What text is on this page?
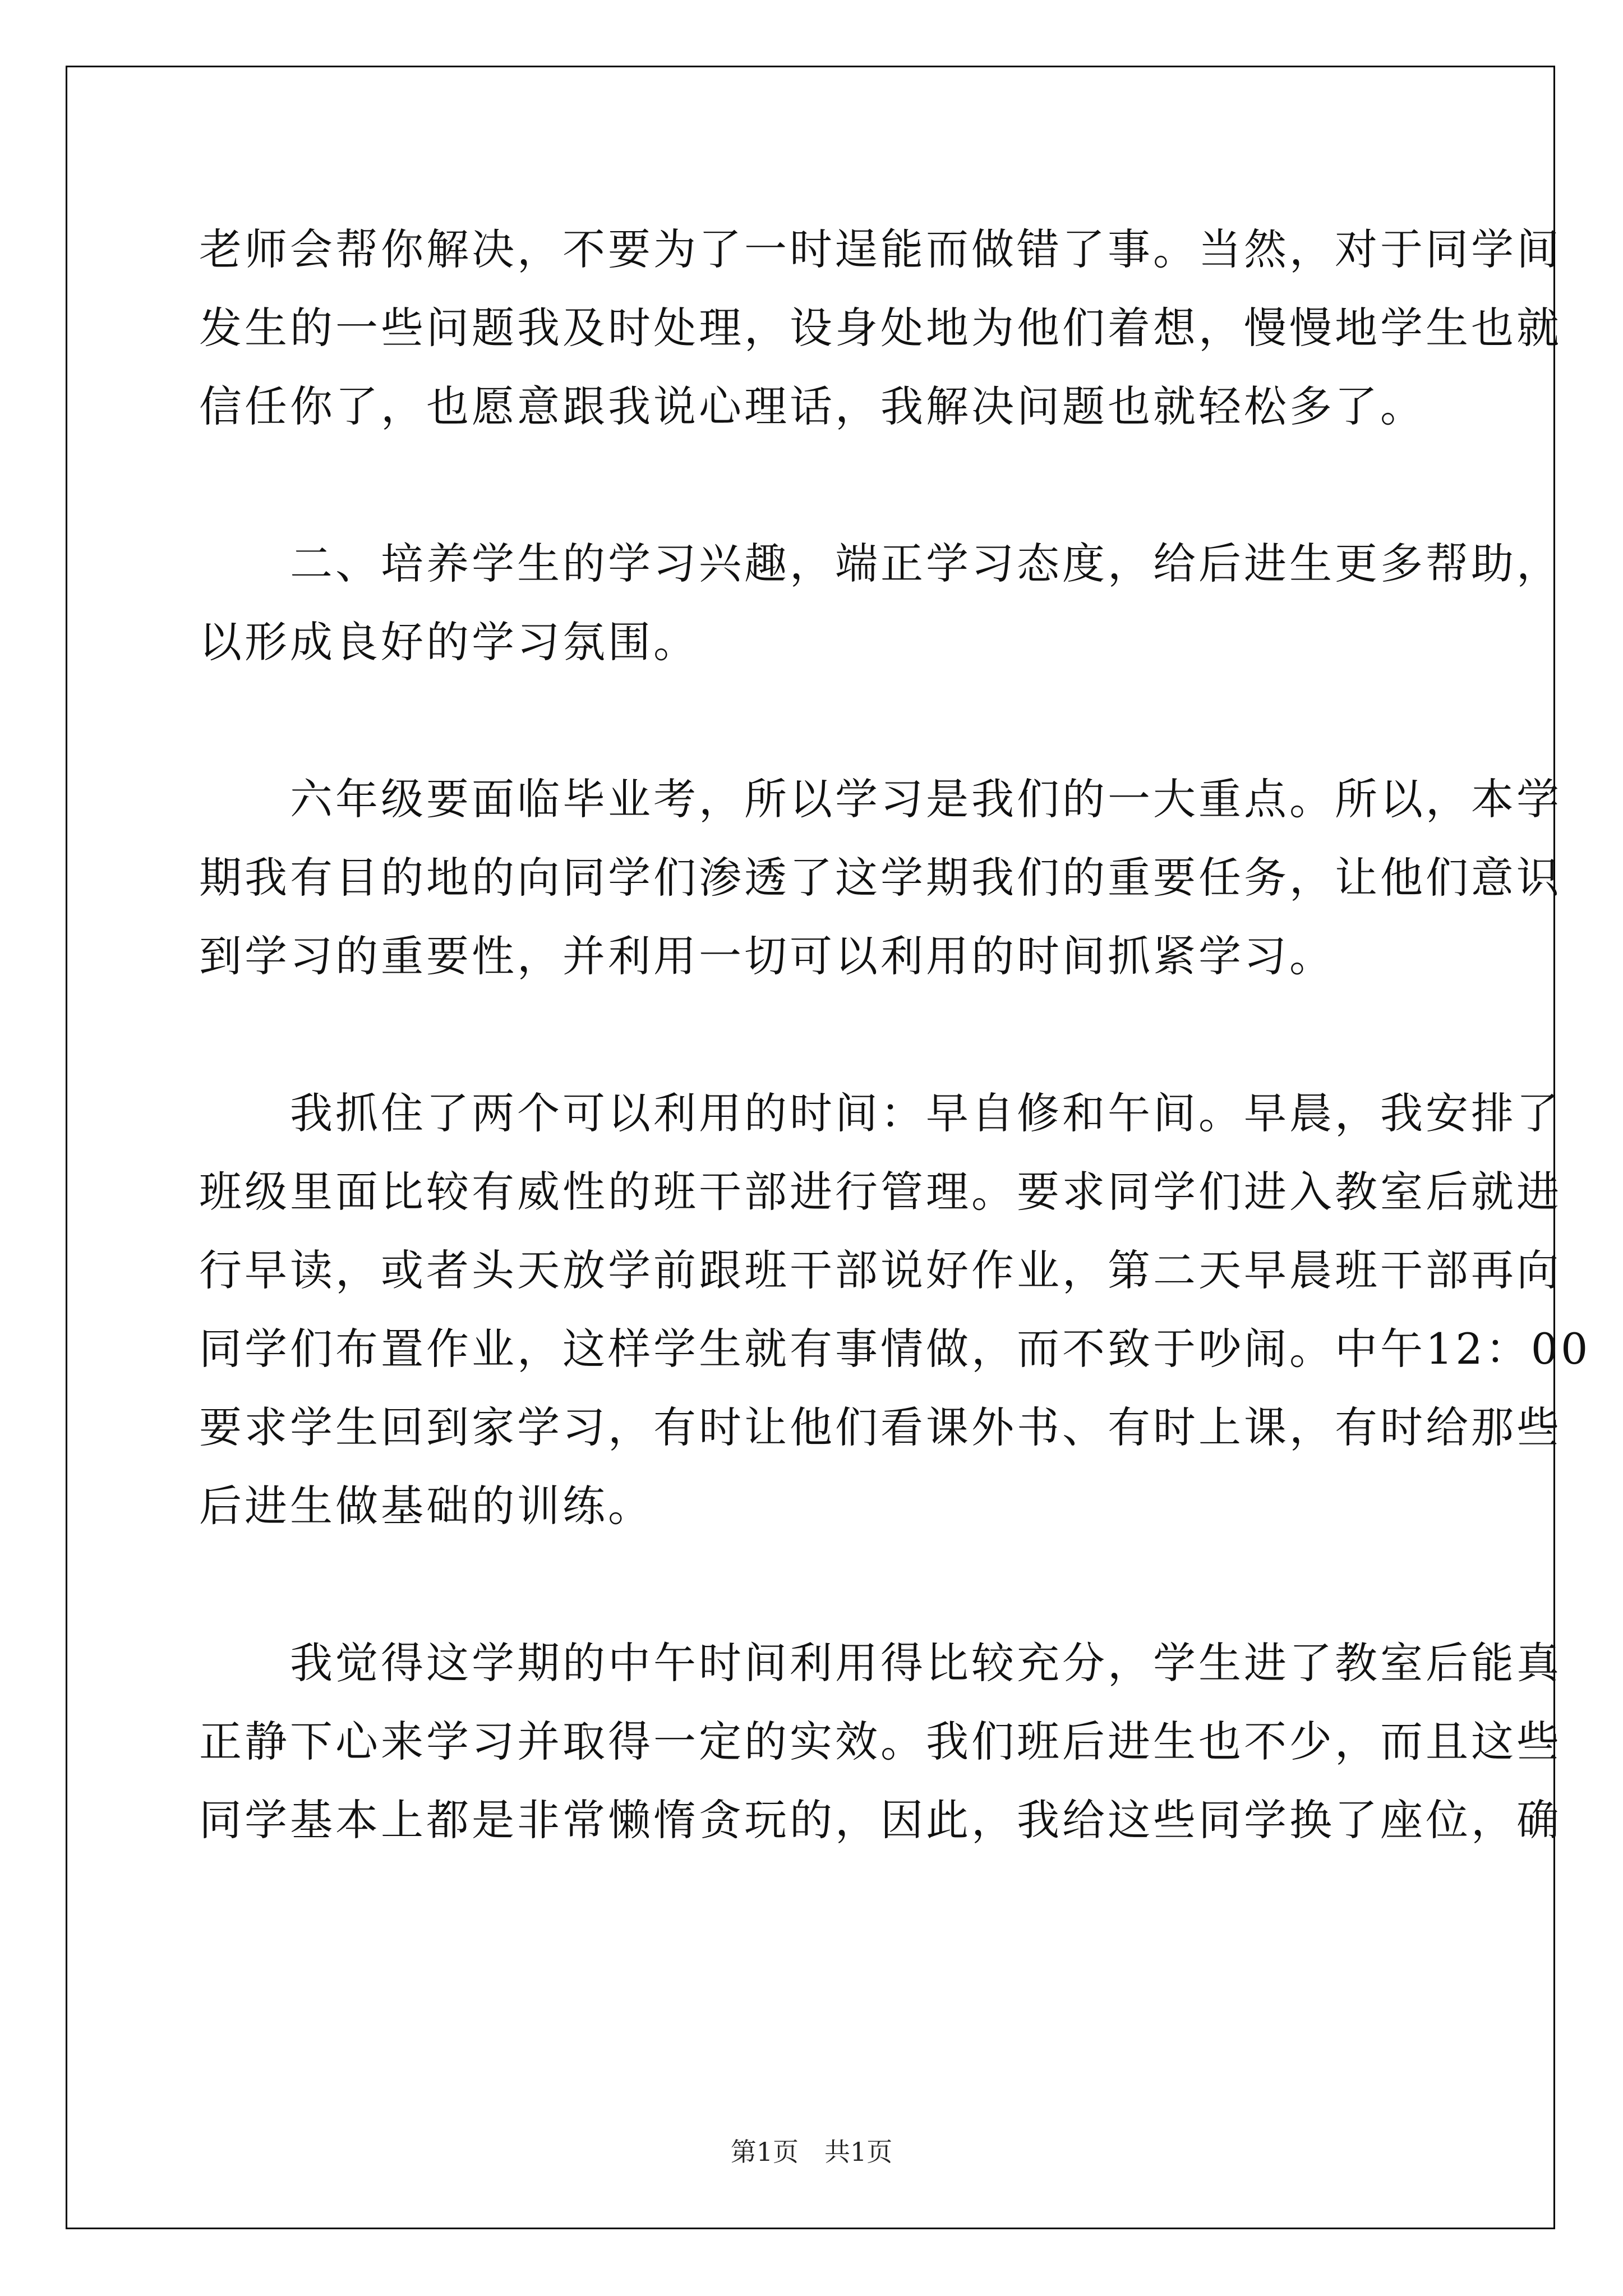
老师会帮你解决，不要为了一时逞能而做错了事。当然，对于同学间
发生的一些问题我及时处理，设身处地为他们着想，慢慢地学生也就
信任你了，也愿意跟我说心理话，我解决问题也就轻松多了。
　　二、培养学生的学习兴趣，端正学习态度，给后进生更多帮助，
以形成良好的学习氛围。
　　六年级要面临毕业考，所以学习是我们的一大重点。所以，本学
期我有目的地的向同学们渗透了这学期我们的重要任务，让他们意识
到学习的重要性，并利用一切可以利用的时间抓紧学习。
　　我抓住了两个可以利用的时间：早自修和午间。早晨，我安排了
班级里面比较有威性的班干部进行管理。要求同学们进入教室后就进
行早读，或者头天放学前跟班干部说好作业，第二天早晨班干部再向
同学们布置作业，这样学生就有事情做，而不致于吵闹。中午12：00
要求学生回到家学习，有时让他们看课外书、有时上课，有时给那些
后进生做基础的训练。
　　我觉得这学期的中午时间利用得比较充分，学生进了教室后能真
正静下心来学习并取得一定的实效。我们班后进生也不少，而且这些
同学基本上都是非常懒惰贪玩的，因此，我给这些同学换了座位，确
第1页　共1页
